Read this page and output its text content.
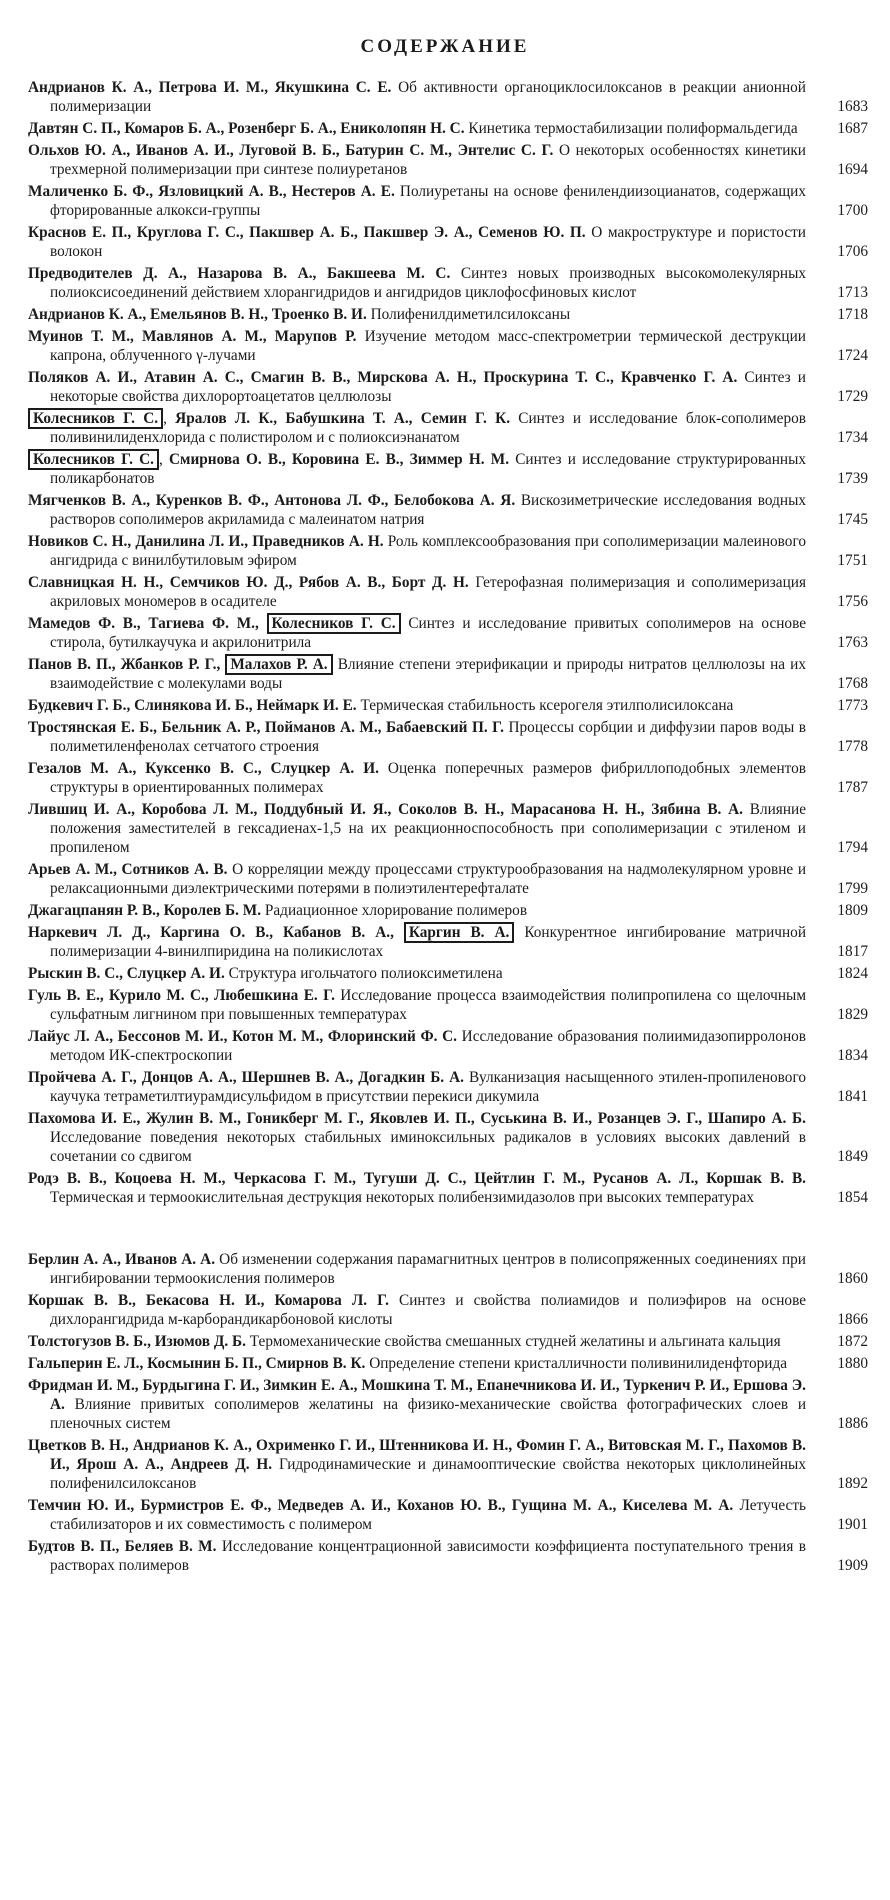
СОДЕРЖАНИЕ
Андрианов К. А., Петрова И. М., Якушкина С. Е. Об активности органоциклосилоксанов в реакции анионной полимеризации	1683
Давтян С. П., Комаров Б. А., Розенберг Б. А., Ениколопян Н. С. Кинетика термостабилизации полиформальдегида	1687
Ольхов Ю. А., Иванов А. И., Луговой В. Б., Батурин С. М., Энтелис С. Г. О некоторых особенностях кинетики трехмерной полимеризации при синтезе полиуретанов	1694
Маличенко Б. Ф., Язловицкий А. В., Нестеров А. Е. Полиуретаны на основе фенилендиизоцианатов, содержащих фторированные алкокси-группы	1700
Краснов Е. П., Круглова Г. С., Пакшвер А. Б., Пакшвер Э. А., Семенов Ю. П. О макроструктуре и пористости волокон	1706
Предводителев Д. А., Назарова В. А., Бакшеева М. С. Синтез новых производных высокомолекулярных полиоксисоединений действием хлорангидридов и ангидридов циклофосфиновых кислот	1713
Андрианов К. А., Емельянов В. Н., Троенко В. И. Полифенилдиметилсилоксаны	1718
Муинов Т. М., Мавлянов А. М., Марупов Р. Изучение методом масс-спектрометрии термической деструкции капрона, облученного γ-лучами	1724
Поляков А. И., Атавин А. С., Смагин В. В., Мирскова А. Н., Проскурина Т. С., Кравченко Г. А. Синтез и некоторые свойства дихлорортоацетатов целлюлозы	1729
Колесников Г. С. , Яралов Л. К., Бабушкина Т. А., Семин Г. К. Синтез и исследование блок-сополимеров поливинилиденхлорида с полистиролом и с полиоксиэнанатом	1734
Колесников Г. С. , Смирнова О. В., Коровина Е. В., Зиммер Н. М. Синтез и исследование структурированных поликарбонатов	1739
Мягченков В. А., Куренков В. Ф., Антонова Л. Ф., Белобокова А. Я. Вискозиметрические исследования водных растворов сополимеров акриламида с малеинатом натрия	1745
Новиков С. Н., Данилина Л. И., Праведников А. Н. Роль комплексообразования при сополимеризации малеинового ангидрида с винилбутиловым эфиром	1751
Славницкая Н. Н., Семчиков Ю. Д., Рябов А. В., Борт Д. Н. Гетерофазная полимеризация и сополимеризация акриловых мономеров в осадителе	1756
Мамедов Ф. В., Тагиева Ф. М., Колесников Г. С. Синтез и исследование привитых сополимеров на основе стирола, бутилкаучука и акрилонитрила	1763
Панов В. П., Жбанков Р. Г., Малахов Р. А. Влияние степени этерификации и природы нитратов целлюлозы на их взаимодействие с молекулами воды	1768
Будкевич Г. Б., Слинякова И. Б., Неймарк И. Е. Термическая стабильность ксерогеля этилполисилоксана	1773
Тростянская Е. Б., Бельник А. Р., Пойманов А. М., Бабаевский П. Г. Процессы сорбции и диффузии паров воды в полиметиленфенолах сетчатого строения	1778
Гезалов М. А., Куксенко В. С., Слуцкер А. И. Оценка поперечных размеров фибриллоподобных элементов структуры в ориентированных полимерах	1787
Лившиц И. А., Коробова Л. М., Поддубный И. Я., Соколов В. Н., Марасанова Н. Н., Зябина В. А. Влияние положения заместителей в гексадиенах-1,5 на их реакционноспособность при сополимеризации с этиленом и пропиленом	1794
Арьев А. М., Сотников А. В. О корреляции между процессами структурообразования на надмолекулярном уровне и релаксационными диэлектрическими потерями в полиэтилентерефталате	1799
Джагацпанян Р. В., Королев Б. М. Радиационное хлорирование полимеров	1809
Наркевич Л. Д., Каргина О. В., Кабанов В. А., Каргин В. А. Конкурентное ингибирование матричной полимеризации 4-винилпиридина на поликислотах	1817
Рыскин В. С., Слуцкер А. И. Структура игольчатого полиоксиметилена	1824
Гуль В. Е., Курило М. С., Любешкина Е. Г. Исследование процесса взаимодействия полипропилена со щелочным сульфатным лигнином при повышенных температурах	1829
Лайус Л. А., Бессонов М. И., Котон М. М., Флоринский Ф. С. Исследование образования полиимидазопирролонов методом ИК-спектроскопии	1834
Пройчева А. Г., Донцов А. А., Шершнев В. А., Догадкин Б. А. Вулканизация насыщенного этилен-пропиленового каучука тетраметилтиурамдисульфидом в присутствии перекиси дикумила	1841
Пахомова И. Е., Жулин В. М., Гоникберг М. Г., Яковлев И. П., Суськина В. И., Розанцев Э. Г., Шапиро А. Б. Исследование поведения некоторых стабильных иминоксильных радикалов в условиях высоких давлений в сочетании со сдвигом	1849
Родэ В. В., Коцоева Н. М., Черкасова Г. М., Тугуши Д. С., Цейтлин Г. М., Русанов А. Л., Коршак В. В. Термическая и термоокислительная деструкция некоторых полибензимидазолов при высоких температурах	1854
Берлин А. А., Иванов А. А. Об изменении содержания парамагнитных центров в полисопряженных соединениях при ингибировании термоокисления полимеров	1860
Коршак В. В., Бекасова Н. И., Комарова Л. Г. Синтез и свойства полиамидов и полиэфиров на основе дихлорангидрида м-карборандикарбоновой кислоты	1866
Толстогузов В. Б., Изюмов Д. Б. Термомеханические свойства смешанных студней желатины и альгината кальция	1872
Гальперин Е. Л., Космынин Б. П., Смирнов В. К. Определение степени кристалличности поливинилиденфторида	1880
Фридман И. М., Бурдыгина Г. И., Зимкин Е. А., Мошкина Т. М., Епанечникова И. И., Туркенич Р. И., Ершова Э. А. Влияние привитых сополимеров желатины на физико-механические свойства фотографических слоев и пленочных систем	1886
Цветков В. Н., Андрианов К. А., Охрименко Г. И., Штенникова И. Н., Фомин Г. А., Витовская М. Г., Пахомов В. И., Ярош А. А., Андреев Д. Н. Гидродинамические и динамооптические свойства некоторых циклолинейных полифенилсилоксанов	1892
Темчин Ю. И., Бурмистров Е. Ф., Медведев А. И., Коханов Ю. В., Гущина М. А., Киселева М. А. Летучесть стабилизаторов и их совместимость с полимером	1901
Будтов В. П., Беляев В. М. Исследование концентрационной зависимости коэффициента поступательного трения в растворах полимеров	1909
